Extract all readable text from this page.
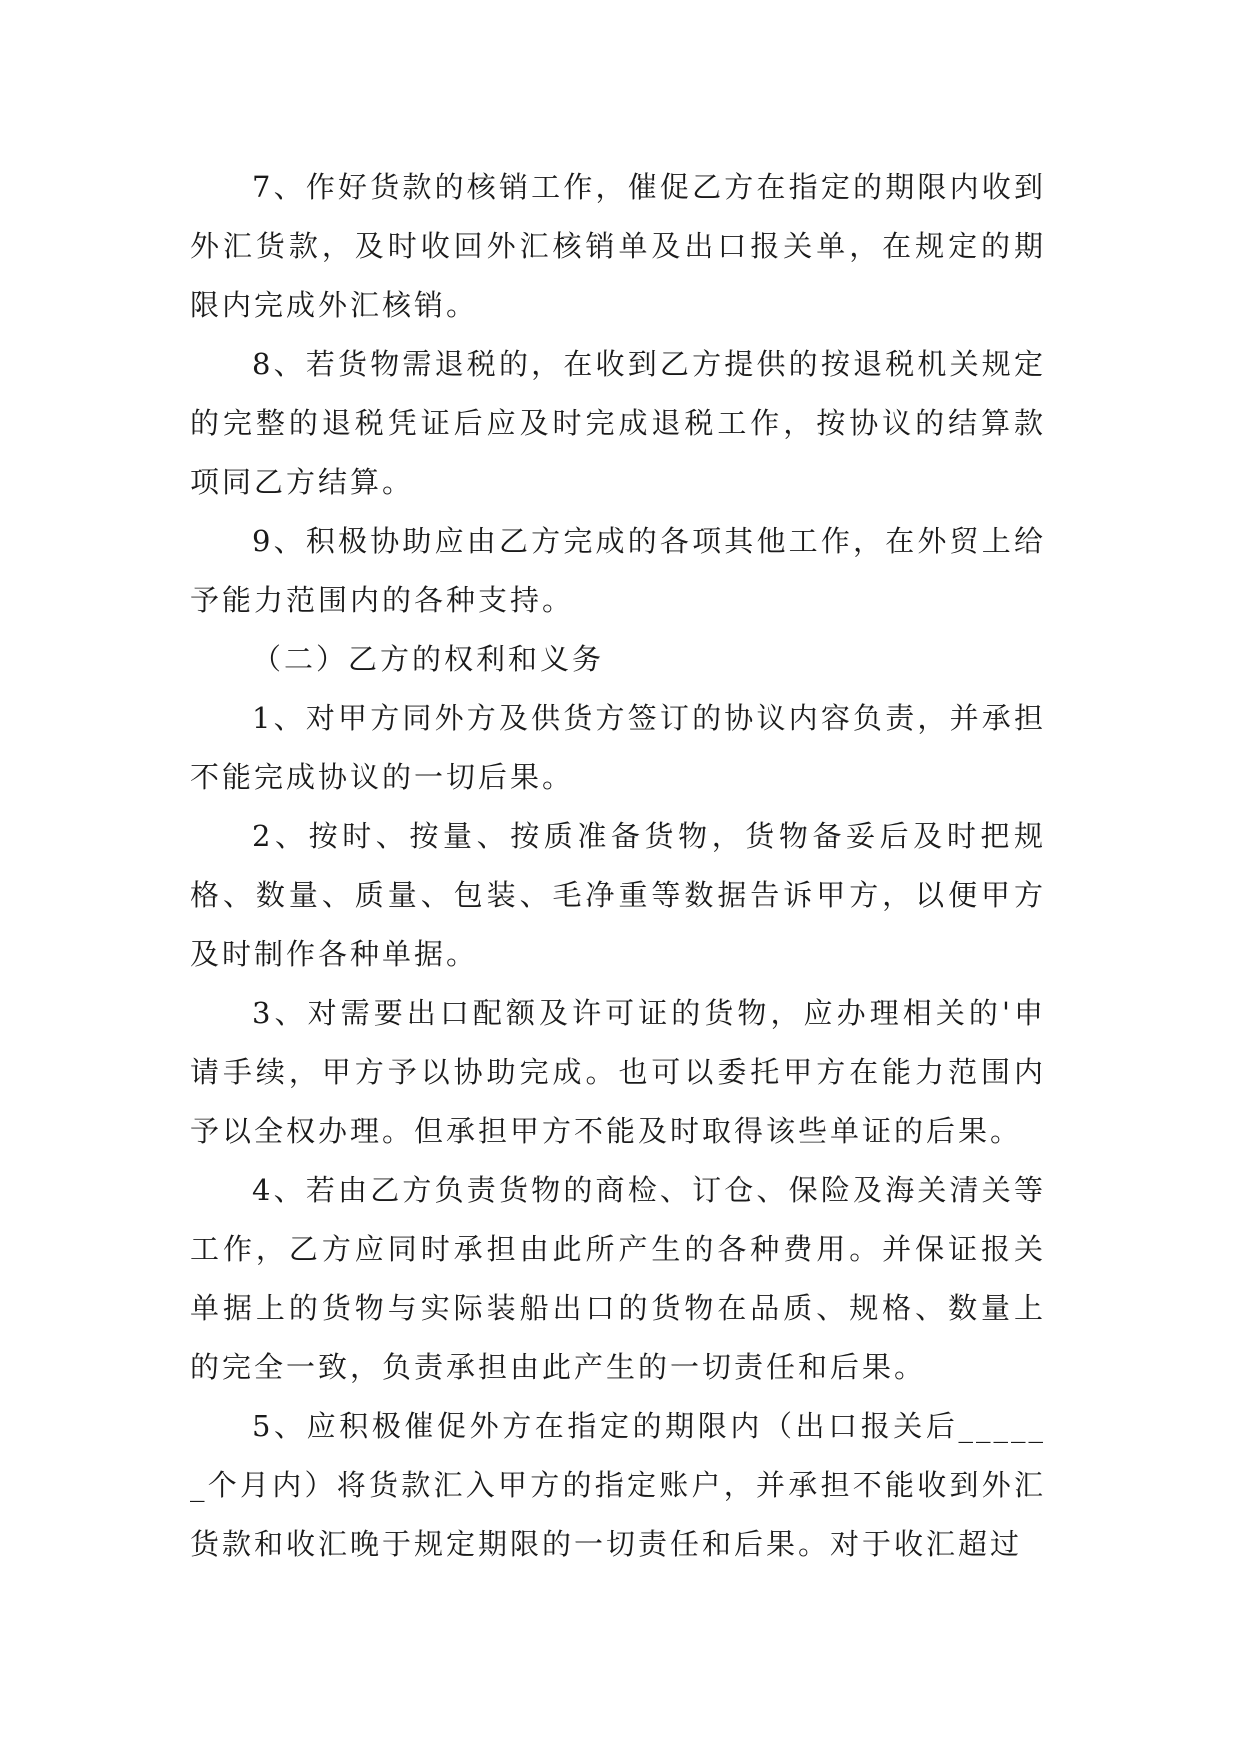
7、作好货款的核销工作，催促乙方在指定的期限内收到外汇货款，及时收回外汇核销单及出口报关单，在规定的期限内完成外汇核销。

8、若货物需退税的，在收到乙方提供的按退税机关规定的完整的退税凭证后应及时完成退税工作，按协议的结算款项同乙方结算。

9、积极协助应由乙方完成的各项其他工作，在外贸上给予能力范围内的各种支持。

（二）乙方的权利和义务

1、对甲方同外方及供货方签订的协议内容负责，并承担不能完成协议的一切后果。

2、按时、按量、按质准备货物，货物备妥后及时把规格、数量、质量、包装、毛净重等数据告诉甲方，以便甲方及时制作各种单据。

3、对需要出口配额及许可证的货物，应办理相关的'申请手续，甲方予以协助完成。也可以委托甲方在能力范围内予以全权办理。但承担甲方不能及时取得该些单证的后果。

4、若由乙方负责货物的商检、订仓、保险及海关清关等工作，乙方应同时承担由此所产生的各种费用。并保证报关单据上的货物与实际装船出口的货物在品质、规格、数量上的完全一致，负责承担由此产生的一切责任和后果。

5、应积极催促外方在指定的期限内（出口报关后______个月内）将货款汇入甲方的指定账户，并承担不能收到外汇货款和收汇晚于规定期限的一切责任和后果。对于收汇超过
